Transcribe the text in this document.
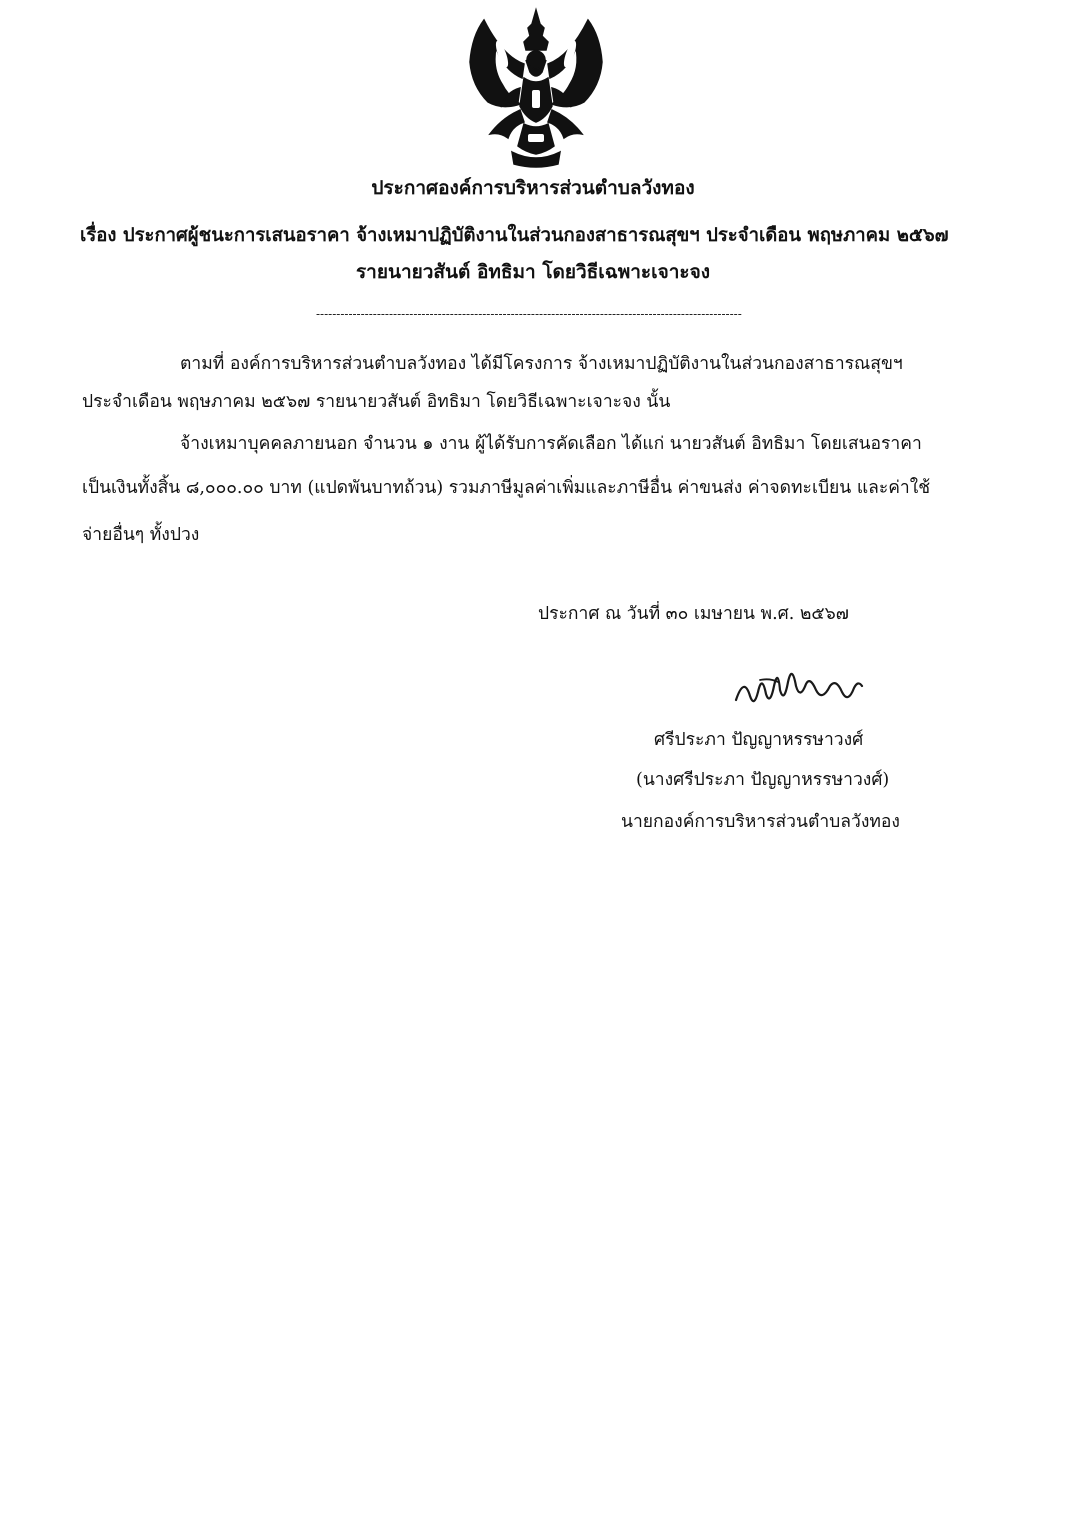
ประกาศองค์การบริหารส่วนตำบลวังทอง
เรื่อง ประกาศผู้ชนะการเสนอราคา จ้างเหมาปฏิบัติงานในส่วนกองสาธารณสุขฯ ประจำเดือน พฤษภาคม ๒๕๖๗
รายนายวสันต์ อิทธิมา โดยวิธีเฉพาะเจาะจง
---------------------------------------------------------------------------------------------------------
ตามที่ องค์การบริหารส่วนตำบลวังทอง ได้มีโครงการ จ้างเหมาปฏิบัติงานในส่วนกองสาธารณสุขฯ
ประจำเดือน พฤษภาคม ๒๕๖๗ รายนายวสันต์ อิทธิมา โดยวิธีเฉพาะเจาะจง นั้น
จ้างเหมาบุคคลภายนอก จำนวน ๑ งาน ผู้ได้รับการคัดเลือก ได้แก่ นายวสันต์ อิทธิมา โดยเสนอราคา
เป็นเงินทั้งสิ้น ๘,๐๐๐.๐๐ บาท (แปดพันบาทถ้วน) รวมภาษีมูลค่าเพิ่มและภาษีอื่น ค่าขนส่ง ค่าจดทะเบียน และค่าใช้
จ่ายอื่นๆ ทั้งปวง
ประกาศ ณ วันที่ ๓๐ เมษายน พ.ศ. ๒๕๖๗
ศรีประภา ปัญญาหรรษาวงศ์
(นางศรีประภา ปัญญาหรรษาวงศ์)
นายกองค์การบริหารส่วนตำบลวังทอง
